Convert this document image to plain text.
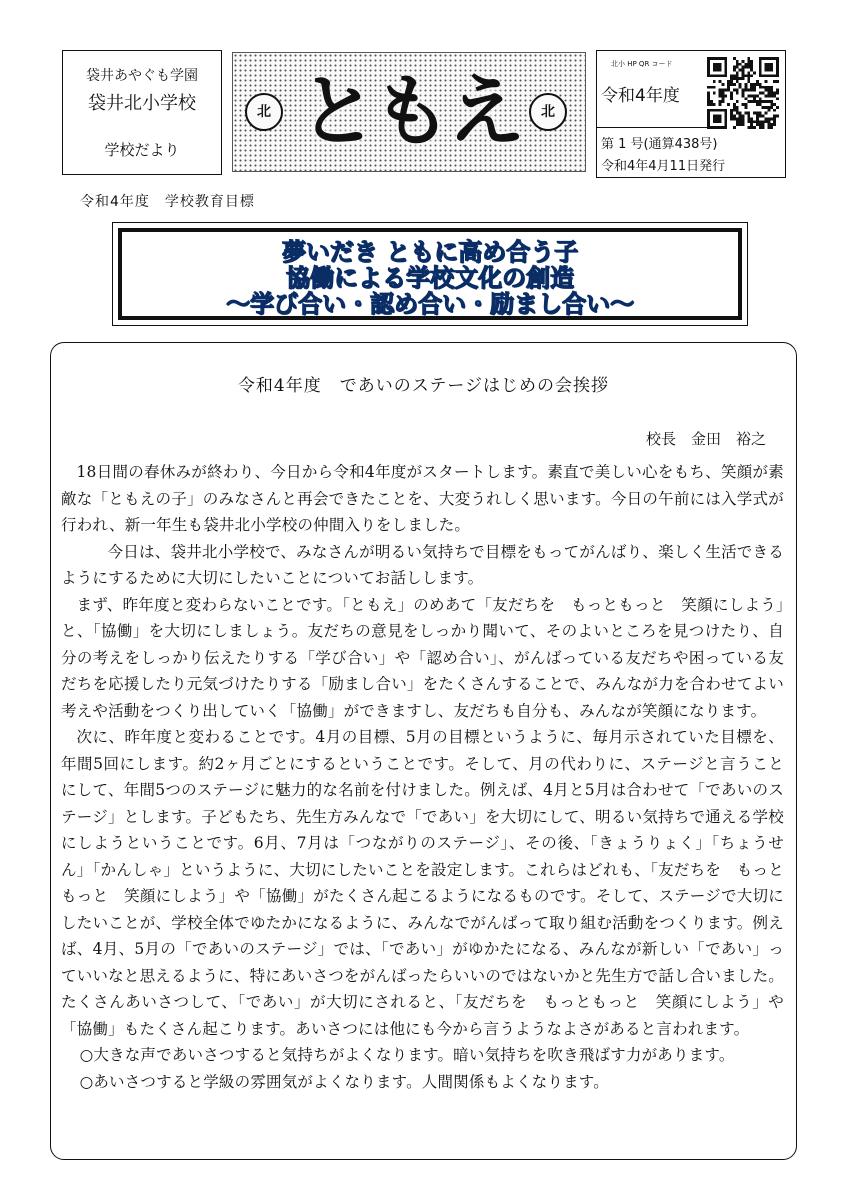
袋井あやぐも学園
袋井北小学校
学校だより
北	北
ともえ
北小 HP QR コード
令和4年度
第 1 号(通算438号)
令和4年4月11日発行
令和4年度　学校教育目標
夢いだき ともに高め合う子
協働による学校文化の創造
～学び合い・認め合い・励まし合い～
令和4年度　であいのステージはじめの会挨拶
校長　金田　裕之

18日間の春休みが終わり、今日から令和4年度がスタートします。素直で美しい心をもち、笑顔が素敵な「ともえの子」のみなさんと再会できたことを、大変うれしく思います。今日の午前には入学式が行われ、新一年生も袋井北小学校の仲間入りをしました。

今日は、袋井北小学校で、みなさんが明るい気持ちで目標をもってがんばり、楽しく生活できるようにするために大切にしたいことについてお話しします。

まず、昨年度と変わらないことです。「ともえ」のめあて「友だちを　もっともっと　笑顔にしよう」と、「協働」を大切にしましょう。友だちの意見をしっかり聞いて、そのよいところを見つけたり、自分の考えをしっかり伝えたりする「学び合い」や「認め合い」、がんばっている友だちや困っている友だちを応援したり元気づけたりする「励まし合い」をたくさんすることで、みんなが力を合わせてよい考えや活動をつくり出していく「協働」ができますし、友だちも自分も、みんなが笑顔になります。

次に、昨年度と変わることです。4月の目標、5月の目標というように、毎月示されていた目標を、年間5回にします。約2ヶ月ごとにするということです。そして、月の代わりに、ステージと言うことにして、年間5つのステージに魅力的な名前を付けました。例えば、4月と5月は合わせて「であいのステージ」とします。子どもたち、先生方みんなで「であい」を大切にして、明るい気持ちで通える学校にしようということです。6月、7月は「つながりのステージ」、その後、「きょうりょく」「ちょうせん」「かんしゃ」というように、大切にしたいことを設定します。これらはどれも、「友だちを　もっともっと　笑顔にしよう」や「協働」がたくさん起こるようになるものです。そして、ステージで大切にしたいことが、学校全体でゆたかになるように、みんなでがんばって取り組む活動をつくります。例えば、4月、5月の「であいのステージ」では、「であい」がゆかたになる、みんなが新しい「であい」っていいなと思えるように、特にあいさつをがんばったらいいのではないかと先生方で話し合いました。たくさんあいさつして、「であい」が大切にされると、「友だちを　もっともっと　笑顔にしよう」や「協働」もたくさん起こります。あいさつには他にも今から言うようなよさがあると言われます。

○大きな声であいさつすると気持ちがよくなります。暗い気持ちを吹き飛ばす力があります。

○あいさつすると学級の雰囲気がよくなります。人間関係もよくなります。
